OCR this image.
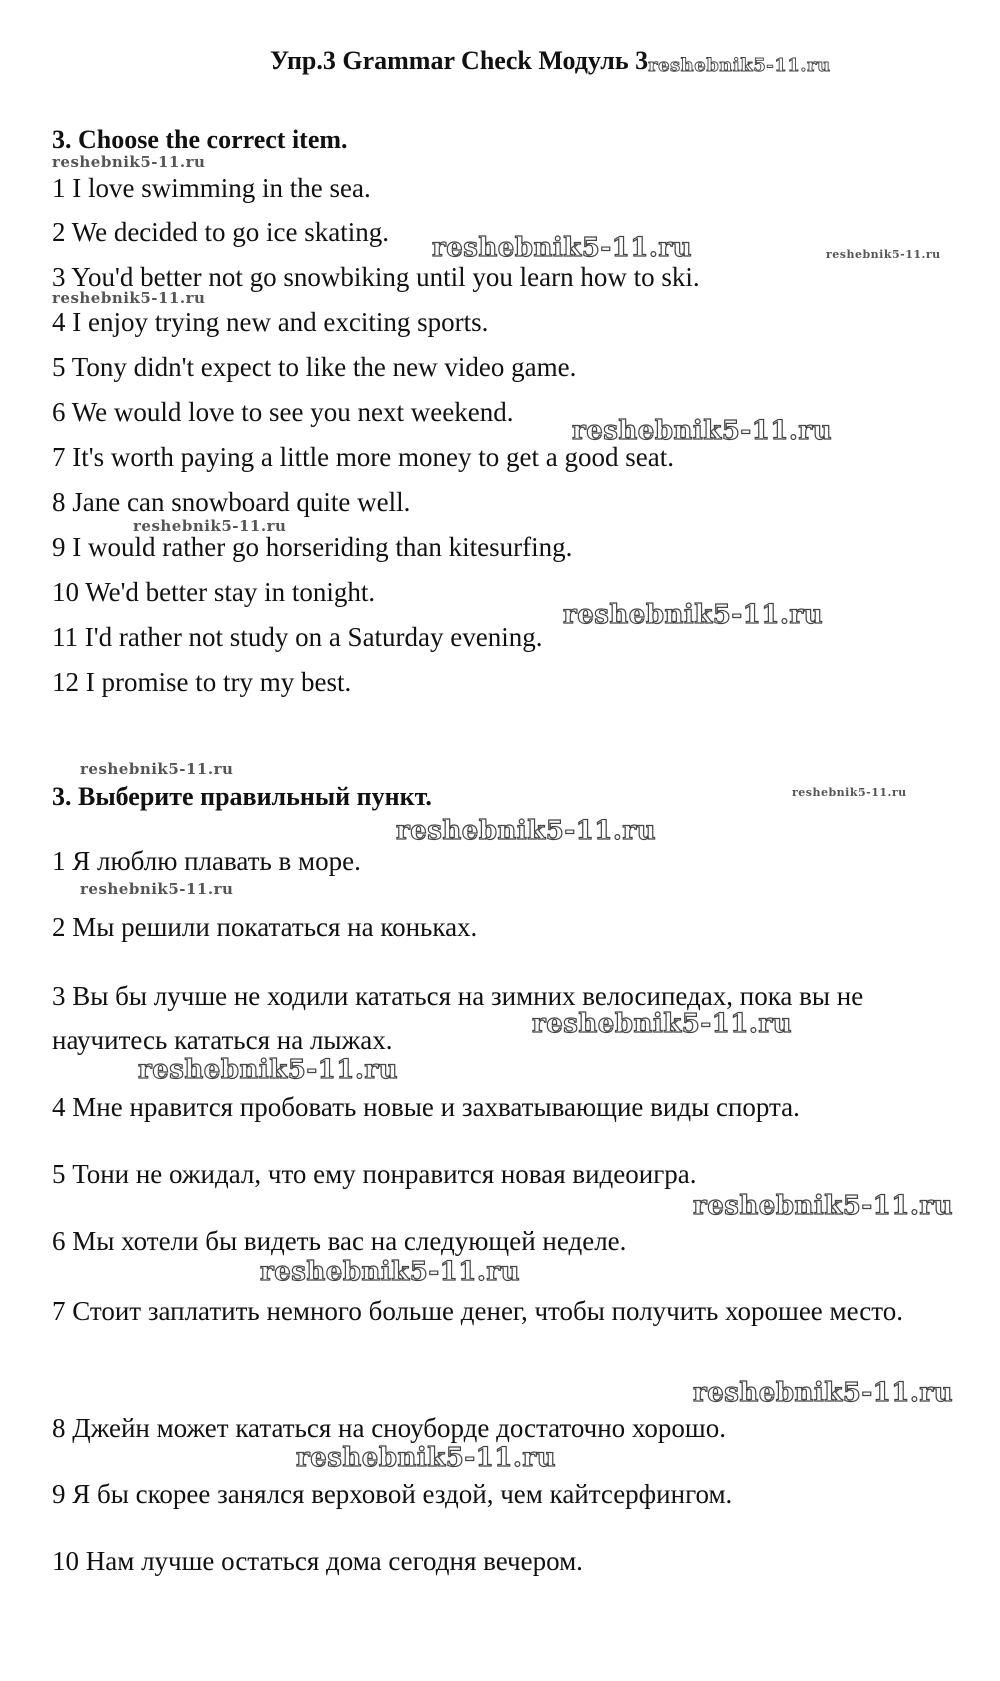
Упр.3 Grammar Check Модуль 3reshebnik5-11.ru
3. Choose the correct item.
1 I love swimming in the sea.
2 We decided to go ice skating.
3 You'd better not go snowbiking until you learn how to ski.
4 I enjoy trying new and exciting sports.
5 Tony didn't expect to like the new video game.
6 We would love to see you next weekend.
7 It's worth paying a little more money to get a good seat.
8 Jane can snowboard quite well.
9 I would rather go horseriding than kitesurfing.
10 We'd better stay in tonight.
11 I'd rather not study on a Saturday evening.
12 I promise to try my best.
3. Выберите правильный пункт.
1 Я люблю плавать в море.
2 Мы решили покататься на коньках.
3 Вы бы лучше не ходили кататься на зимних велосипедах, пока вы не научитесь кататься на лыжах.
4 Мне нравится пробовать новые и захватывающие виды спорта.
5 Тони не ожидал, что ему понравится новая видеоигра.
6 Мы хотели бы видеть вас на следующей неделе.
7 Стоит заплатить немного больше денег, чтобы получить хорошее место.
8 Джейн может кататься на сноуборде достаточно хорошо.
9 Я бы скорее занялся верховой ездой, чем кайтсерфингом.
10 Нам лучше остаться дома сегодня вечером.
reshebnik5-11.ru
reshebnik5-11.ru	reshebnik5-11.ru
reshebnik5-11.ru
reshebnik5-11.ru
reshebnik5-11.ru
reshebnik5-11.ru
reshebnik5-11.ru
reshebnik5-11.ru
reshebnik5-11.ru
reshebnik5-11.ru
reshebnik5-11.ru
reshebnik5-11.ru
reshebnik5-11.ru
reshebnik5-11.ru
reshebnik5-11.ru
reshebnik5-11.ru
